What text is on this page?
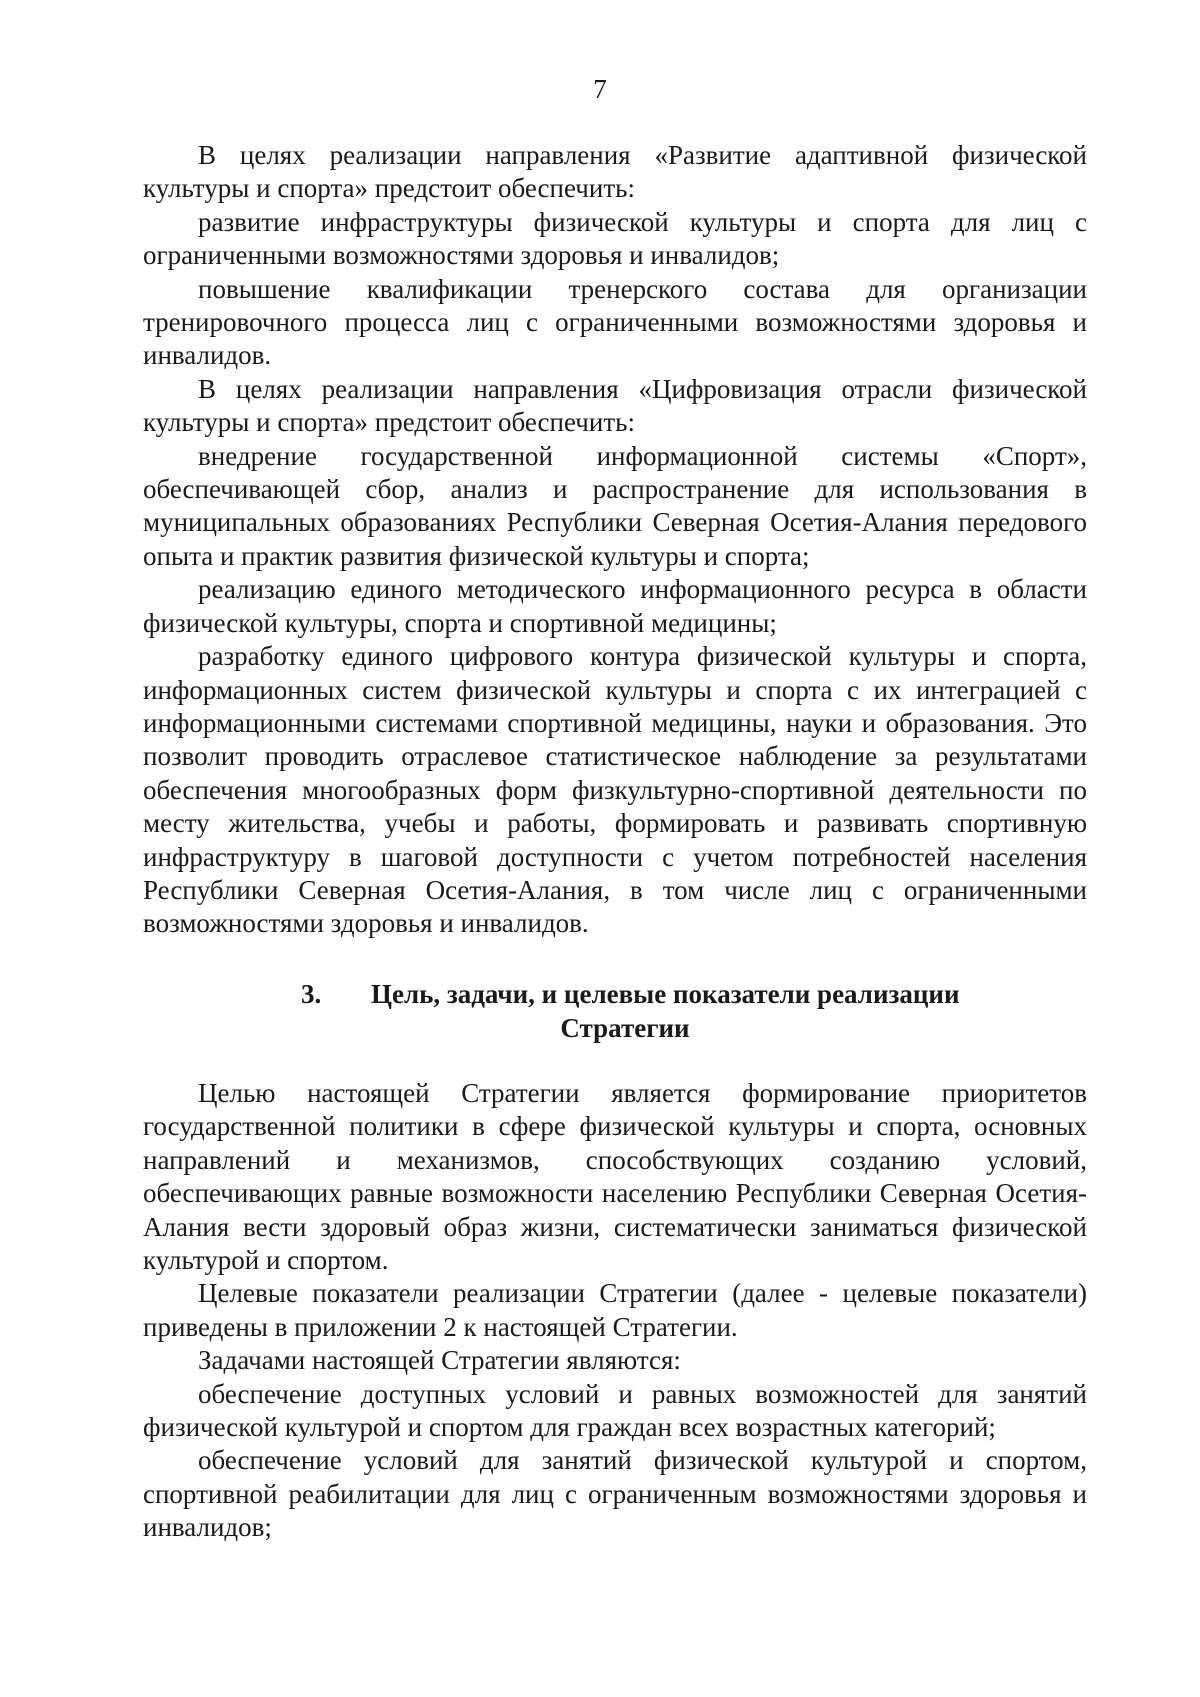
7

В целях реализации направления «Развитие адаптивной физической культуры и спорта» предстоит обеспечить:

развитие инфраструктуры физической культуры и спорта для лиц с ограниченными возможностями здоровья и инвалидов;

повышение квалификации тренерского состава для организации тренировочного процесса лиц с ограниченными возможностями здоровья и инвалидов.

В целях реализации направления «Цифровизация отрасли физической культуры и спорта» предстоит обеспечить:

внедрение государственной информационной системы «Спорт», обеспечивающей сбор, анализ и распространение для использования в муниципальных образованиях Республики Северная Осетия-Алания передового опыта и практик развития физической культуры и спорта;

реализацию единого методического информационного ресурса в области физической культуры, спорта и спортивной медицины;

разработку единого цифрового контура физической культуры и спорта, информационных систем физической культуры и спорта с их интеграцией с информационными системами спортивной медицины, науки и образования. Это позволит проводить отраслевое статистическое наблюдение за результатами обеспечения многообразных форм физкультурно-спортивной деятельности по месту жительства, учебы и работы, формировать и развивать спортивную инфраструктуру в шаговой доступности с учетом потребностей населения Республики Северная Осетия-Алания, в том числе лиц с ограниченными возможностями здоровья и инвалидов.

3. Цель, задачи, и целевые показатели реализации
Стратегии

Целью настоящей Стратегии является формирование приоритетов государственной политики в сфере физической культуры и спорта, основных направлений и механизмов, способствующих созданию условий, обеспечивающих равные возможности населению Республики Северная Осетия-Алания вести здоровый образ жизни, систематически заниматься физической культурой и спортом.

Целевые показатели реализации Стратегии (далее - целевые показатели) приведены в приложении 2 к настоящей Стратегии.

Задачами настоящей Стратегии являются:

обеспечение доступных условий и равных возможностей для занятий физической культурой и спортом для граждан всех возрастных категорий;

обеспечение условий для занятий физической культурой и спортом, спортивной реабилитации для лиц с ограниченным возможностями здоровья и инвалидов;
